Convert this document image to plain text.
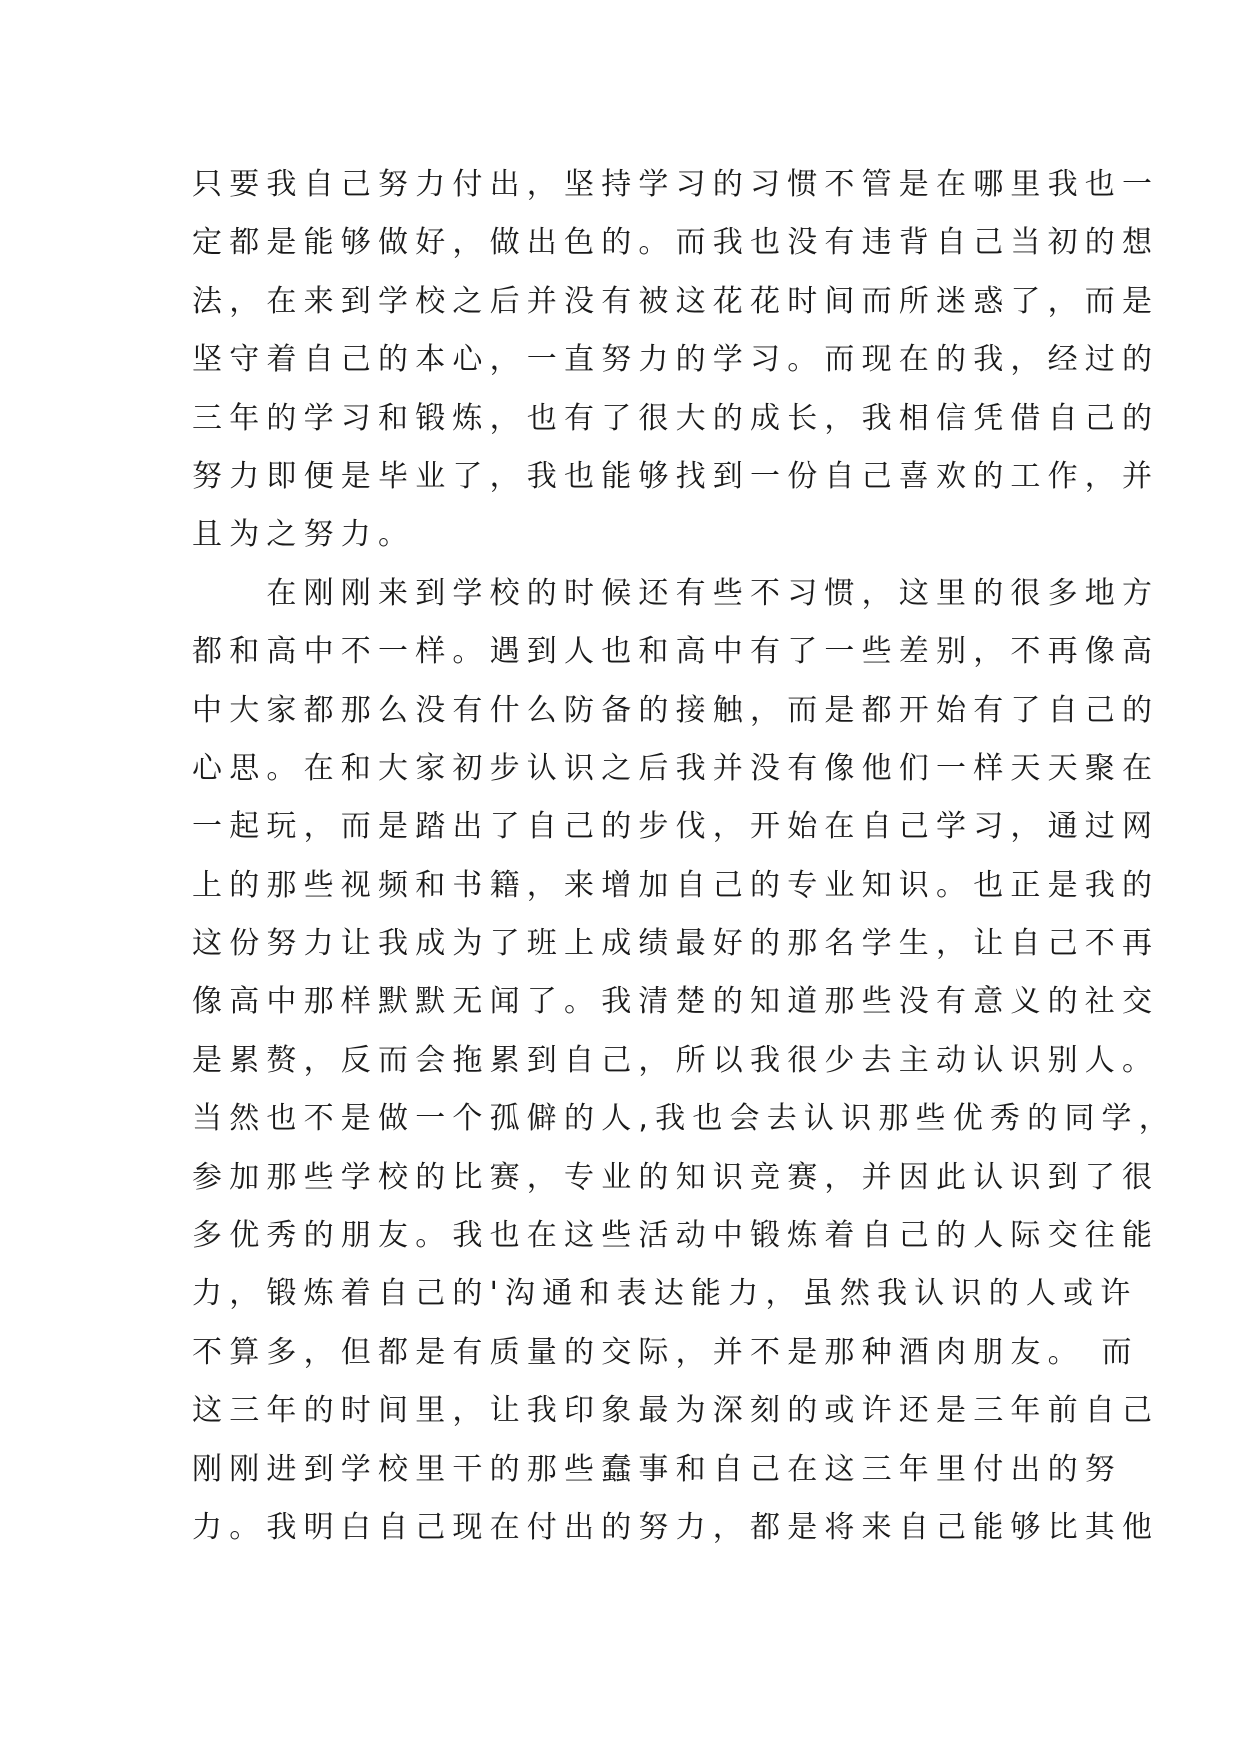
只要我自己努力付出，坚持学习的习惯不管是在哪里我也一
定都是能够做好，做出色的。而我也没有违背自己当初的想
法，在来到学校之后并没有被这花花时间而所迷惑了，而是
坚守着自己的本心，一直努力的学习。而现在的我，经过的
三年的学习和锻炼，也有了很大的成长，我相信凭借自己的
努力即便是毕业了，我也能够找到一份自己喜欢的工作，并
且为之努力。
　　在刚刚来到学校的时候还有些不习惯，这里的很多地方
都和高中不一样。遇到人也和高中有了一些差别，不再像高
中大家都那么没有什么防备的接触，而是都开始有了自己的
心思。在和大家初步认识之后我并没有像他们一样天天聚在
一起玩，而是踏出了自己的步伐，开始在自己学习，通过网
上的那些视频和书籍，来增加自己的专业知识。也正是我的
这份努力让我成为了班上成绩最好的那名学生，让自己不再
像高中那样默默无闻了。我清楚的知道那些没有意义的社交
是累赘，反而会拖累到自己，所以我很少去主动认识别人。
当然也不是做一个孤僻的人,我也会去认识那些优秀的同学，
参加那些学校的比赛，专业的知识竞赛，并因此认识到了很
多优秀的朋友。我也在这些活动中锻炼着自己的人际交往能
力，锻炼着自己的'沟通和表达能力，虽然我认识的人或许
不算多，但都是有质量的交际，并不是那种酒肉朋友。 而
这三年的时间里，让我印象最为深刻的或许还是三年前自己
刚刚进到学校里干的那些蠢事和自己在这三年里付出的努
力。我明白自己现在付出的努力，都是将来自己能够比其他
